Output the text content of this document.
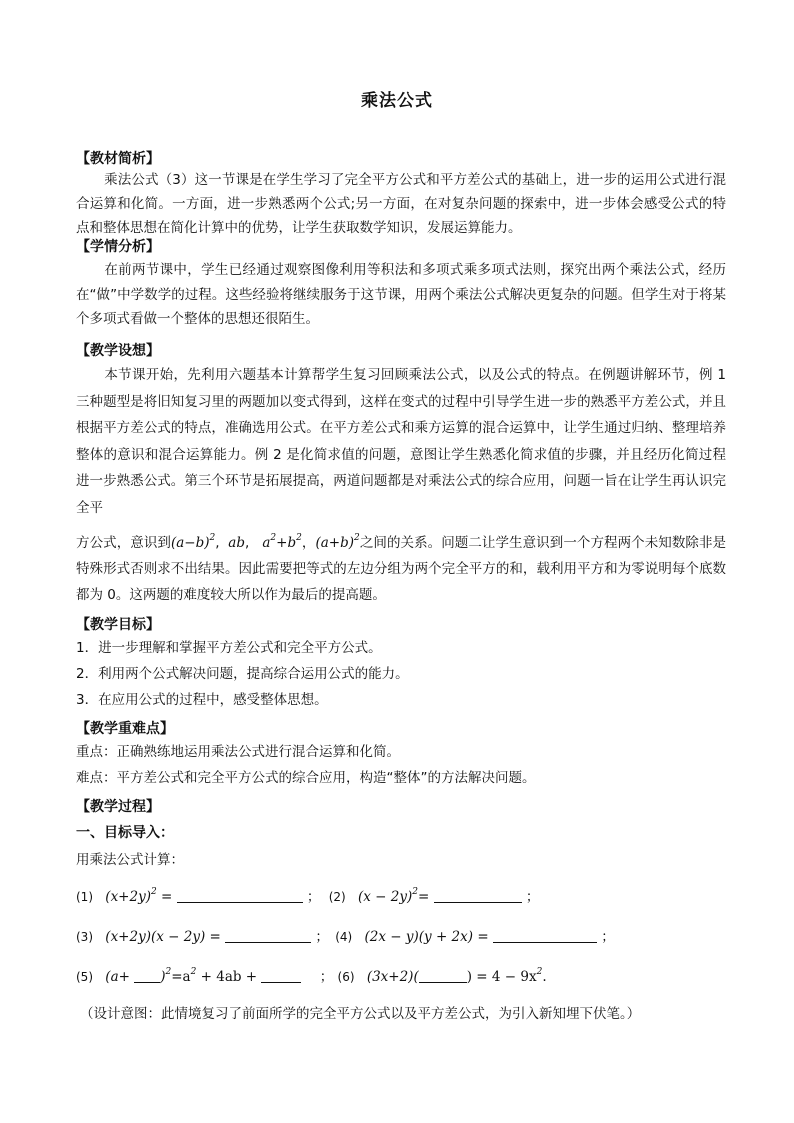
乘法公式
【教材简析】
乘法公式（3）这一节课是在学生学习了完全平方公式和平方差公式的基础上，进一步的运用公式进行混合运算和化简。一方面，进一步熟悉两个公式;另一方面，在对复杂问题的探索中，进一步体会感受公式的特点和整体思想在简化计算中的优势，让学生获取数学知识，发展运算能力。
【学情分析】
在前两节课中，学生已经通过观察图像利用等积法和多项式乘多项式法则，探究出两个乘法公式，经历在“做”中学数学的过程。这些经验将继续服务于这节课，用两个乘法公式解决更复杂的问题。但学生对于将某个多项式看做一个整体的思想还很陌生。
【教学设想】
本节课开始，先利用六题基本计算帮学生复习回顾乘法公式，以及公式的特点。在例题讲解环节，例 1 三种题型是将旧知复习里的两题加以变式得到，这样在变式的过程中引导学生进一步的熟悉平方差公式，并且根据平方差公式的特点，准确选用公式。在平方差公式和乘方运算的混合运算中，让学生通过归纳、整理培养整体的意识和混合运算能力。例 2 是化简求值的问题，意图让学生熟悉化简求值的步骤，并且经历化简过程进一步熟悉公式。第三个环节是拓展提高，两道问题都是对乘法公式的综合应用，问题一旨在让学生再认识完全平
方公式，意识到$(a-b)^2$,  ab,   $a^2+b^2$，$(a+b)^2$之间的关系。问题二让学生意识到一个方程两个未知数除非是特殊形式否则求不出结果。因此需要把等式的左边分组为两个完全平方的和，载利用平方和为零说明每个底数都为 0。这两题的难度较大所以作为最后的提高题。
【教学目标】
1．进一步理解和掌握平方差公式和完全平方公式。
2．利用两个公式解决问题，提高综合运用公式的能力。
3．在应用公式的过程中，感受整体思想。
【教学重难点】
重点：正确熟练地运用乘法公式进行混合运算和化简。
难点：平方差公式和完全平方公式的综合应用，构造“整体”的方法解决问题。
【教学过程】
一、目标导入：
用乘法公式计算：
(1) $(x+2y)^2$ =	； (2) $(x - 2y)^2=$	；
(3) (x+2y)(x − 2y) =	； (4) (2x − y)(y + 2x) =	；
(5) $(a+ )^2=a^2 + 4ab$ +	； (6) (3x+2)(	) = $4 - 9x^2$.
（设计意图：此情境复习了前面所学的完全平方公式以及平方差公式，为引入新知埋下伏笔。）
